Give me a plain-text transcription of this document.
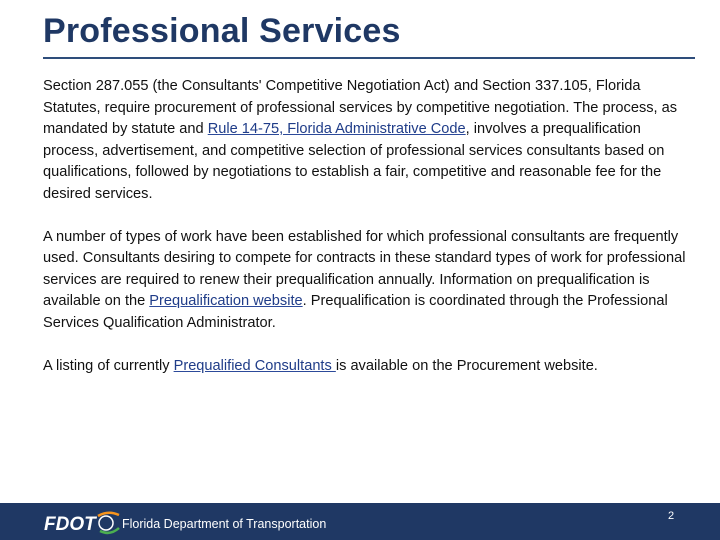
Professional Services

Section 287.055 (the Consultants' Competitive Negotiation Act) and Section 337.105, Florida Statutes, require procurement of professional services by competitive negotiation. The process, as mandated by statute and Rule 14-75, Florida Administrative Code, involves a prequalification process, advertisement, and competitive selection of professional services consultants based on qualifications, followed by negotiations to establish a fair, competitive and reasonable fee for the desired services.

A number of types of work have been established for which professional consultants are frequently used. Consultants desiring to compete for contracts in these standard types of work for professional services are required to renew their prequalification annually. Information on prequalification is available on the Prequalification website. Prequalification is coordinated through the Professional Services Qualification Administrator.

A listing of currently Prequalified Consultants is available on the Procurement website.

FDOT Florida Department of Transportation
2
